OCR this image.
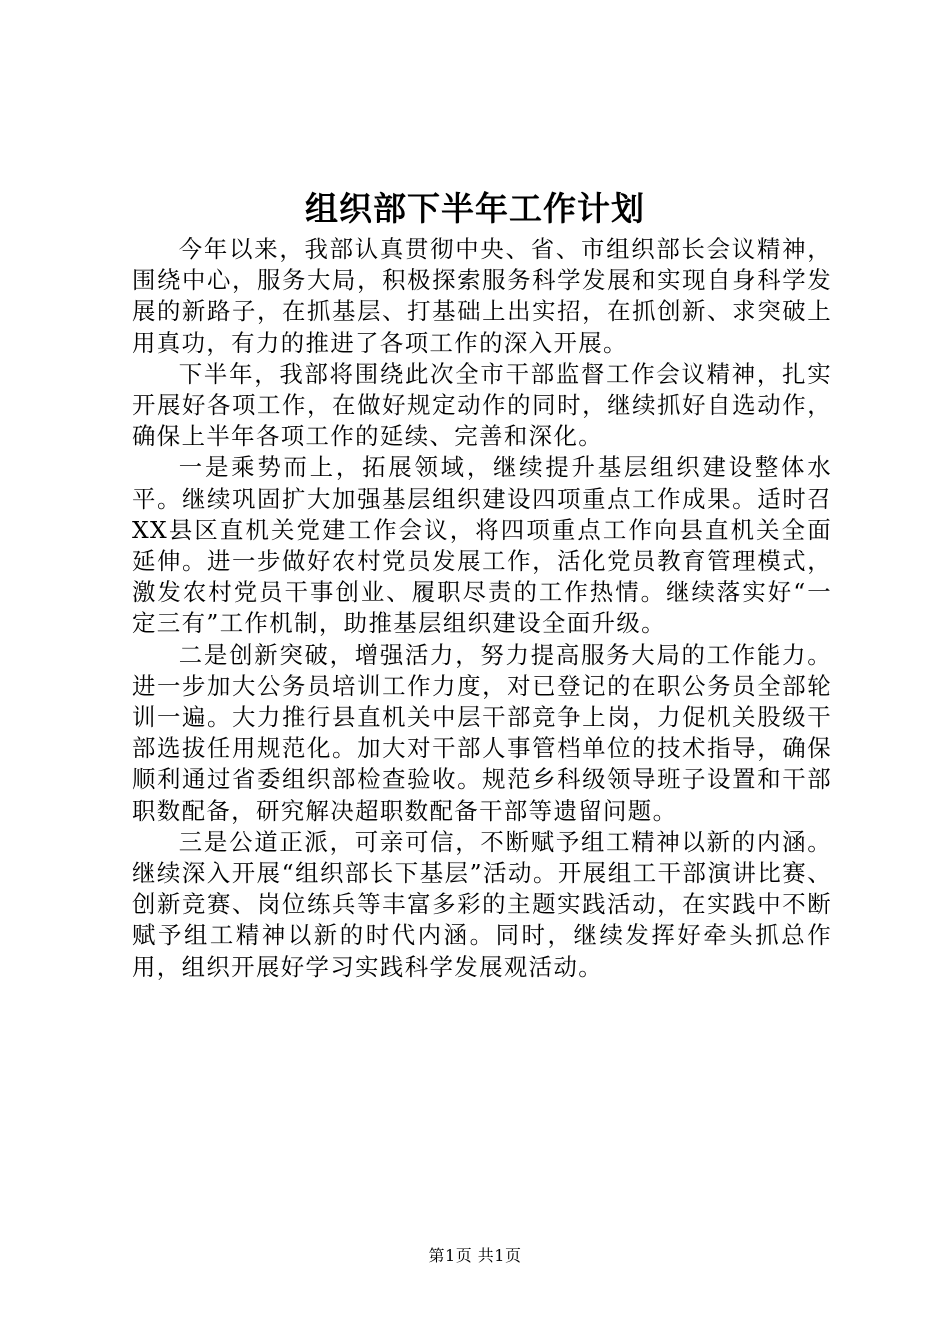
组织部下半年工作计划

今年以来，我部认真贯彻中央、省、市组织部长会议精神，围绕中心，服务大局，积极探索服务科学发展和实现自身科学发展的新路子，在抓基层、打基础上出实招，在抓创新、求突破上用真功，有力的推进了各项工作的深入开展。

下半年，我部将围绕此次全市干部监督工作会议精神，扎实开展好各项工作，在做好规定动作的同时，继续抓好自选动作，确保上半年各项工作的延续、完善和深化。

一是乘势而上，拓展领域，继续提升基层组织建设整体水平。继续巩固扩大加强基层组织建设四项重点工作成果。适时召XX县区直机关党建工作会议，将四项重点工作向县直机关全面延伸。进一步做好农村党员发展工作，活化党员教育管理模式，激发农村党员干事创业、履职尽责的工作热情。继续落实好“一定三有”工作机制，助推基层组织建设全面升级。

二是创新突破，增强活力，努力提高服务大局的工作能力。进一步加大公务员培训工作力度，对已登记的在职公务员全部轮训一遍。大力推行县直机关中层干部竞争上岗，力促机关股级干部选拔任用规范化。加大对干部人事管档单位的技术指导，确保顺利通过省委组织部检查验收。规范乡科级领导班子设置和干部职数配备，研究解决超职数配备干部等遗留问题。

三是公道正派，可亲可信，不断赋予组工精神以新的内涵。继续深入开展“组织部长下基层”活动。开展组工干部演讲比赛、创新竞赛、岗位练兵等丰富多彩的主题实践活动，在实践中不断赋予组工精神以新的时代内涵。同时，继续发挥好牵头抓总作用，组织开展好学习实践科学发展观活动。

第1页 共1页
